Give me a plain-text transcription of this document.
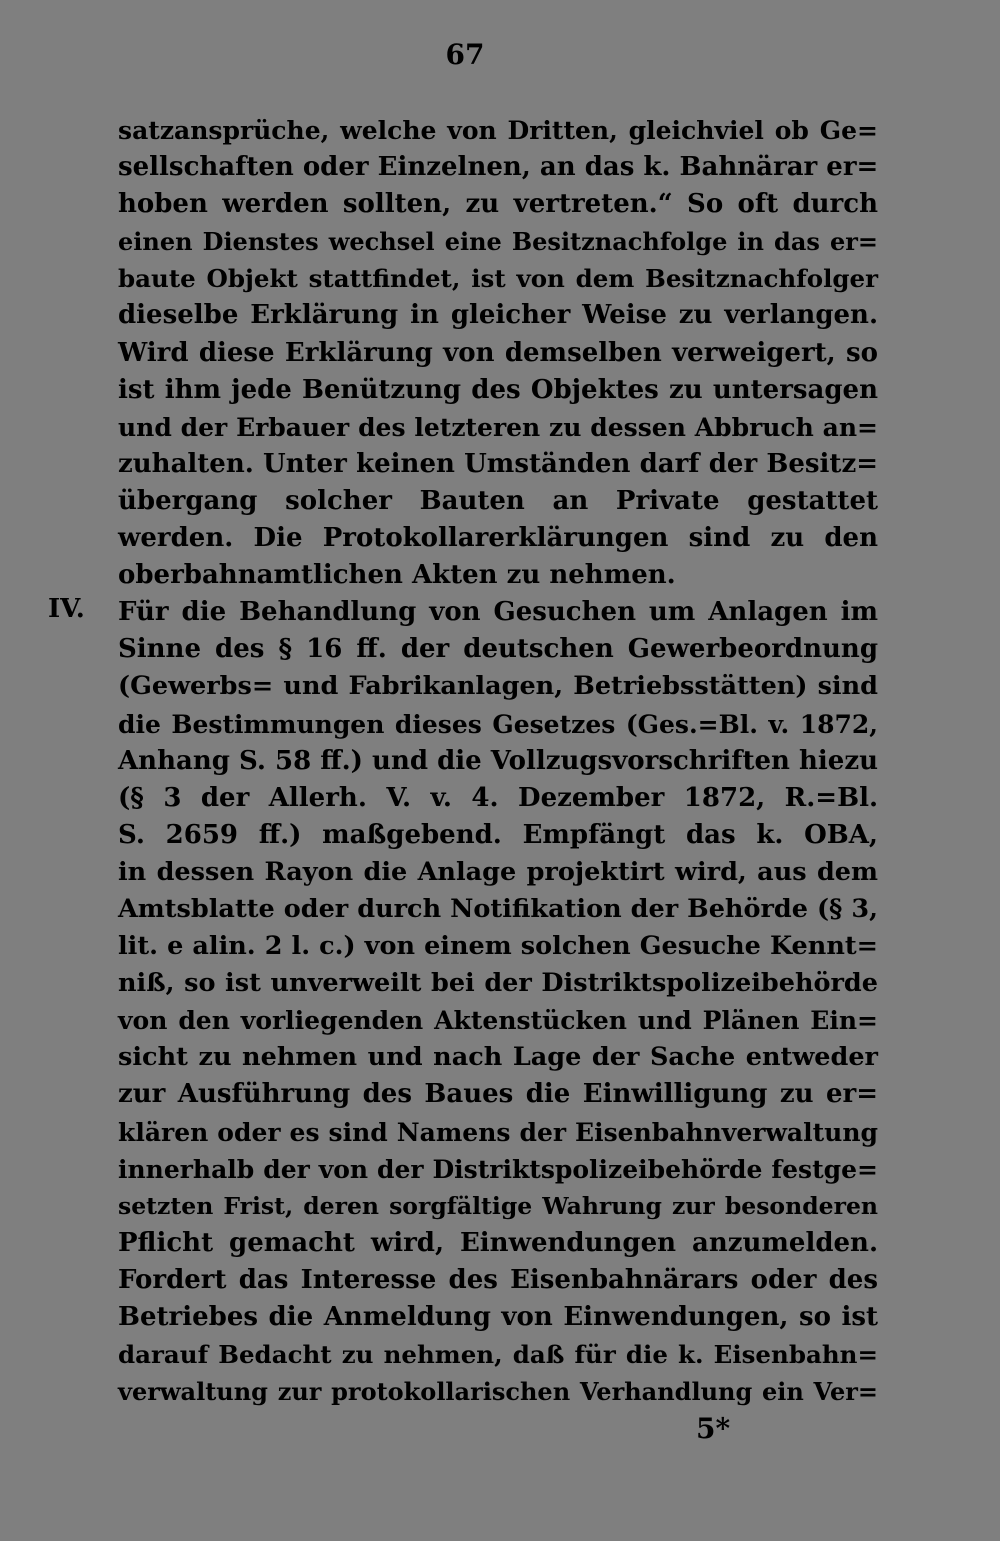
67
satzansprüche, welche von Dritten, gleichviel ob Ge=
sellschaften oder Einzelnen, an das k. Bahnärar er=
hoben werden sollten, zu vertreten.“ So oft durch
einen Dienstes wechsel eine Besitznachfolge in das er=
baute Objekt stattfindet, ist von dem Besitznachfolger
dieselbe Erklärung in gleicher Weise zu verlangen.
Wird diese Erklärung von demselben verweigert, so
ist ihm jede Benützung des Objektes zu untersagen
und der Erbauer des letzteren zu dessen Abbruch an=
zuhalten. Unter keinen Umständen darf der Besitz=
übergang solcher Bauten an Private gestattet
werden. Die Protokollarerklärungen sind zu den
oberbahnamtlichen Akten zu nehmen.
IV. Für die Behandlung von Gesuchen um Anlagen im
Sinne des § 16 ff. der deutschen Gewerbeordnung
(Gewerbs= und Fabrikanlagen, Betriebsstätten) sind
die Bestimmungen dieses Gesetzes (Ges.=Bl. v. 1872,
Anhang S. 58 ff.) und die Vollzugsvorschriften hiezu
(§ 3 der Allerh. V. v. 4. Dezember 1872, R.=Bl.
S. 2659 ff.) maßgebend. Empfängt das k. OBA,
in dessen Rayon die Anlage projektirt wird, aus dem
Amtsblatte oder durch Notifikation der Behörde (§ 3,
lit. e alin. 2 l. c.) von einem solchen Gesuche Kennt=
niß, so ist unverweilt bei der Distriktspolizeibehörde
von den vorliegenden Aktenstücken und Plänen Ein=
sicht zu nehmen und nach Lage der Sache entweder
zur Ausführung des Baues die Einwilligung zu er=
klären oder es sind Namens der Eisenbahnverwaltung
innerhalb der von der Distriktspolizeibehörde festge=
setzten Frist, deren sorgfältige Wahrung zur besonderen
Pflicht gemacht wird, Einwendungen anzumelden.
Fordert das Interesse des Eisenbahnärars oder des
Betriebes die Anmeldung von Einwendungen, so ist
darauf Bedacht zu nehmen, daß für die k. Eisenbahn=
verwaltung zur protokollarischen Verhandlung ein Ver=
5*
